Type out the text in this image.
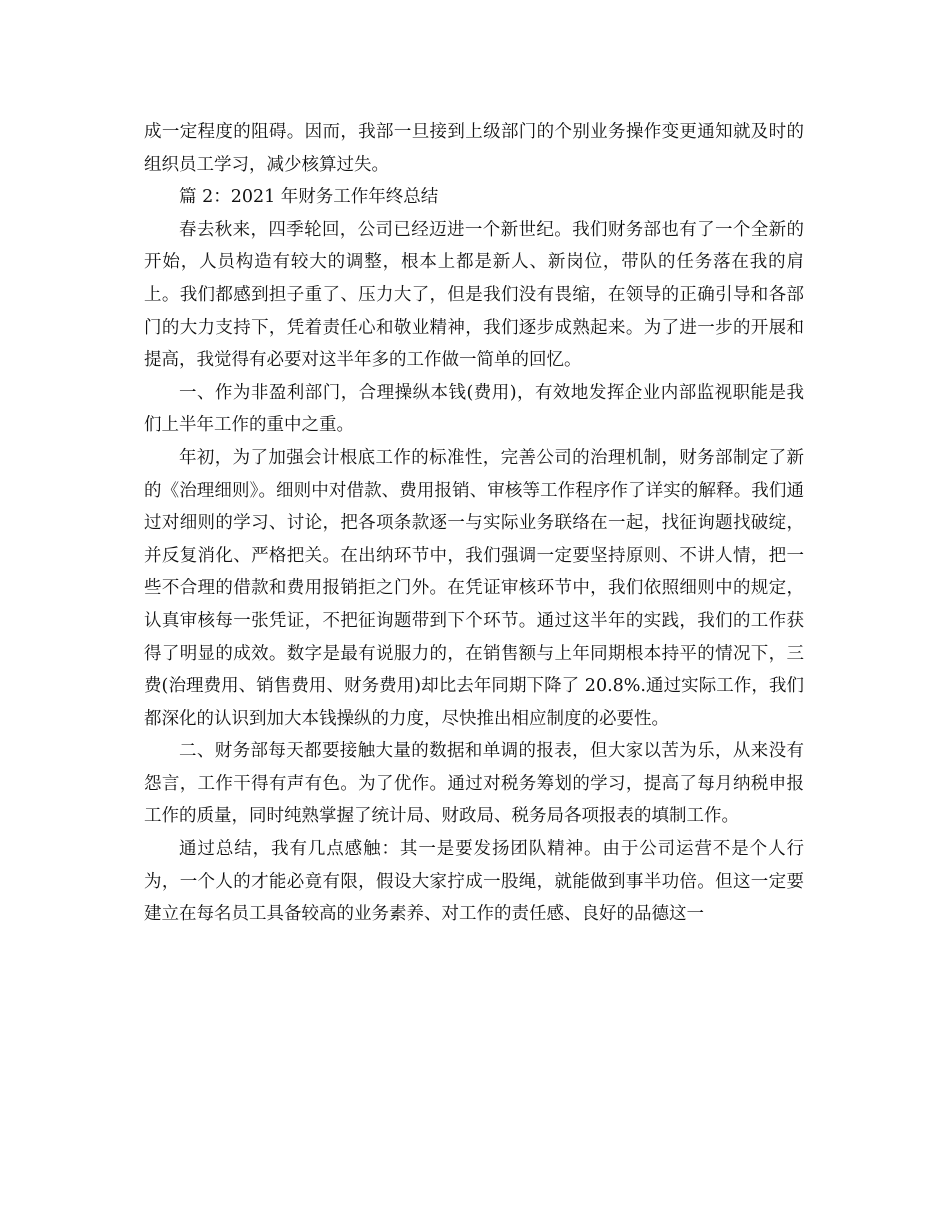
成一定程度的阻碍。因而，我部一旦接到上级部门的个别业务操作变更通知就及时的组织员工学习，减少核算过失。

篇 2：2021 年财务工作年终总结

春去秋来，四季轮回，公司已经迈进一个新世纪。我们财务部也有了一个全新的开始，人员构造有较大的调整，根本上都是新人、新岗位，带队的任务落在我的肩上。我们都感到担子重了、压力大了，但是我们没有畏缩，在领导的正确引导和各部门的大力支持下，凭着责任心和敬业精神，我们逐步成熟起来。为了进一步的开展和提高，我觉得有必要对这半年多的工作做一简单的回忆。

一、作为非盈利部门，合理操纵本钱(费用)，有效地发挥企业内部监视职能是我们上半年工作的重中之重。

年初，为了加强会计根底工作的标准性，完善公司的治理机制，财务部制定了新的《治理细则》。细则中对借款、费用报销、审核等工作程序作了详实的解释。我们通过对细则的学习、讨论，把各项条款逐一与实际业务联络在一起，找征询题找破绽，并反复消化、严格把关。在出纳环节中，我们强调一定要坚持原则、不讲人情，把一些不合理的借款和费用报销拒之门外。在凭证审核环节中，我们依照细则中的规定，认真审核每一张凭证，不把征询题带到下个环节。通过这半年的实践，我们的工作获得了明显的成效。数字是最有说服力的，在销售额与上年同期根本持平的情况下，三费(治理费用、销售费用、财务费用)却比去年同期下降了 20.8%.通过实际工作，我们都深化的认识到加大本钱操纵的力度，尽快推出相应制度的必要性。

二、财务部每天都要接触大量的数据和单调的报表，但大家以苦为乐，从来没有怨言，工作干得有声有色。为了优作。通过对税务筹划的学习，提高了每月纳税申报工作的质量，同时纯熟掌握了统计局、财政局、税务局各项报表的填制工作。

通过总结，我有几点感触：其一是要发扬团队精神。由于公司运营不是个人行为，一个人的才能必竟有限，假设大家拧成一股绳，就能做到事半功倍。但这一定要建立在每名员工具备较高的业务素养、对工作的责任感、良好的品德这一
